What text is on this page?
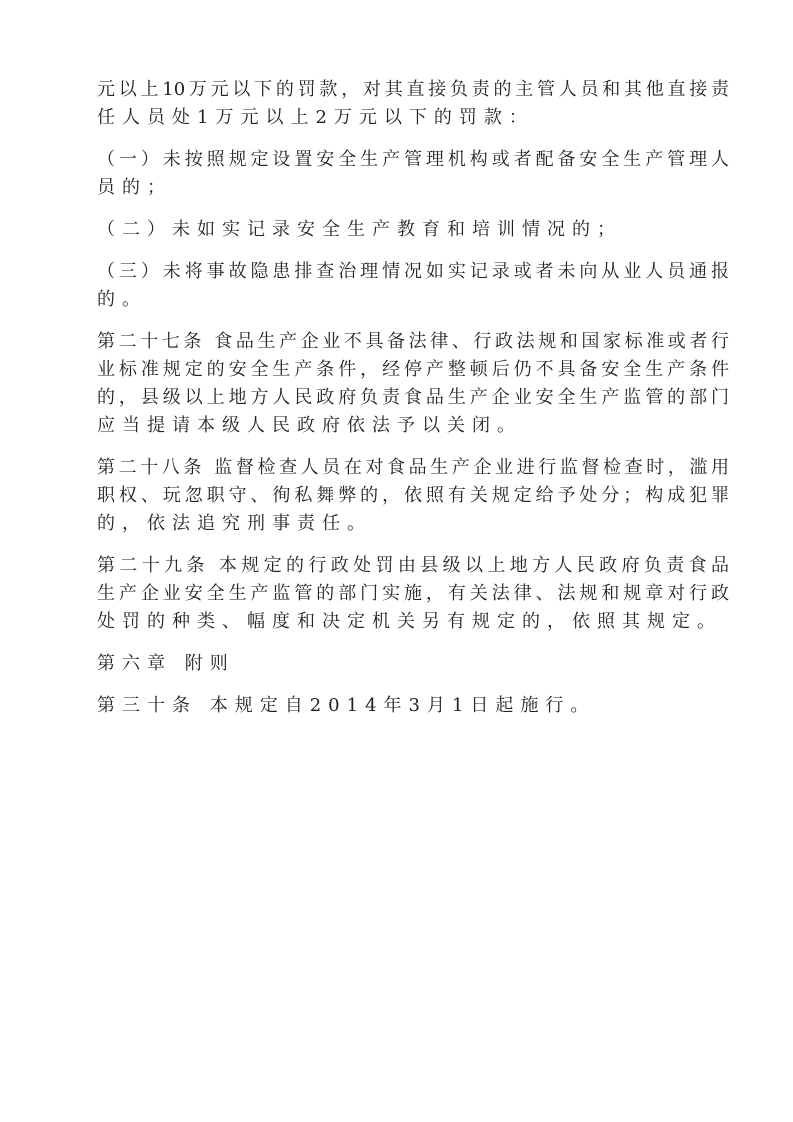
元以上10万元以下的罚款，对其直接负责的主管人员和其他直接责
任人员处1万元以上2万元以下的罚款：
（一）未按照规定设置安全生产管理机构或者配备安全生产管理人
员的；
（二）未如实记录安全生产教育和培训情况的；
（三）未将事故隐患排查治理情况如实记录或者未向从业人员通报
的。
第二十七条 食品生产企业不具备法律、行政法规和国家标准或者行
业标准规定的安全生产条件，经停产整顿后仍不具备安全生产条件
的，县级以上地方人民政府负责食品生产企业安全生产监管的部门
应当提请本级人民政府依法予以关闭。
第二十八条 监督检查人员在对食品生产企业进行监督检查时，滥用
职权、玩忽职守、徇私舞弊的，依照有关规定给予处分；构成犯罪
的，依法追究刑事责任。
第二十九条 本规定的行政处罚由县级以上地方人民政府负责食品
生产企业安全生产监管的部门实施，有关法律、法规和规章对行政
处罚的种类、幅度和决定机关另有规定的，依照其规定。
第六章 附则
第三十条 本规定自2014年3月1日起施行。
